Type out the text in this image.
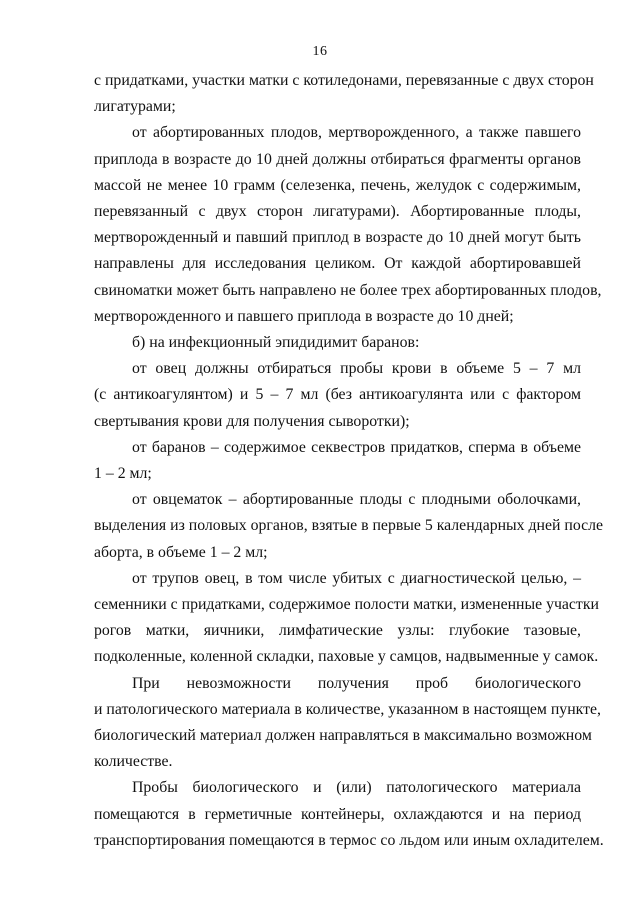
16
с придатками, участки матки с котиледонами, перевязанные с двух сторон
лигатурами;
от абортированных плодов, мертворожденного, а также павшего
приплода в возрасте до 10 дней должны отбираться фрагменты органов
массой не менее 10 грамм (селезенка, печень, желудок с содержимым,
перевязанный с двух сторон лигатурами). Абортированные плоды,
мертворожденный и павший приплод в возрасте до 10 дней могут быть
направлены для исследования целиком. От каждой абортировавшей
свиноматки может быть направлено не более трех абортированных плодов,
мертворожденного и павшего приплода в возрасте до 10 дней;
б) на инфекционный эпидидимит баранов:
от овец должны отбираться пробы крови в объеме 5 – 7 мл
(с антикоагулянтом) и 5 – 7 мл (без антикоагулянта или с фактором
свертывания крови для получения сыворотки);
от баранов – содержимое секвестров придатков, сперма в объеме
1 – 2 мл;
от овцематок – абортированные плоды с плодными оболочками,
выделения из половых органов, взятые в первые 5 календарных дней после
аборта, в объеме 1 – 2 мл;
от трупов овец, в том числе убитых с диагностической целью, –
семенники с придатками, содержимое полости матки, измененные участки
рогов матки, яичники, лимфатические узлы: глубокие тазовые,
подколенные, коленной складки, паховые у самцов, надвыменные у самок.
При невозможности получения проб биологического
и патологического материала в количестве, указанном в настоящем пункте,
биологический материал должен направляться в максимально возможном
количестве.
Пробы биологического и (или) патологического материала
помещаются в герметичные контейнеры, охлаждаются и на период
транспортирования помещаются в термос со льдом или иным охладителем.
